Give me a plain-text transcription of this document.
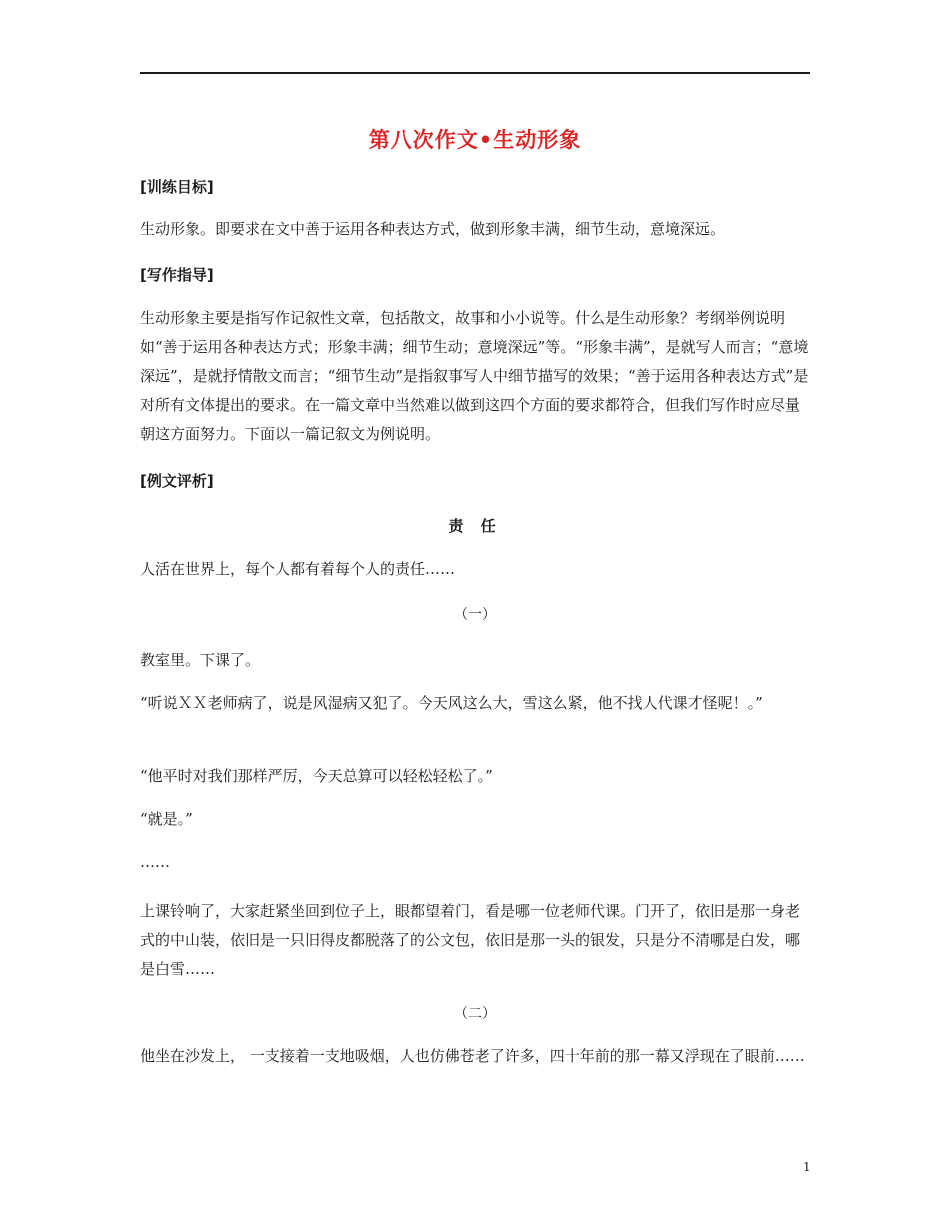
第八次作文•生动形象
[训练目标]

生动形象。即要求在文中善于运用各种表达方式，做到形象丰满，细节生动，意境深远。

[写作指导]

生动形象主要是指写作记叙性文章，包括散文，故事和小小说等。什么是生动形象？考纲举例说明如“善于运用各种表达方式；形象丰满；细节生动；意境深远”等。“形象丰满”，是就写人而言；“意境深远”，是就抒情散文而言；“细节生动”是指叙事写人中细节描写的效果；“善于运用各种表达方式”是对所有文体提出的要求。在一篇文章中当然难以做到这四个方面的要求都符合，但我们写作时应尽量朝这方面努力。下面以一篇记叙文为例说明。

[例文评析]
责 任

人活在世界上，每个人都有着每个人的责任……

（一）

教室里。下课了。

“听说ＸＸ老师病了，说是风湿病又犯了。今天风这么大，雪这么紧，他不找人代课才怪呢！。”

“他平时对我们那样严厉，今天总算可以轻松轻松了。”

“就是。”

……

上课铃响了，大家赶紧坐回到位子上，眼都望着门，看是哪一位老师代课。门开了，依旧是那一身老式的中山装，依旧是一只旧得皮都脱落了的公文包，依旧是那一头的银发，只是分不清哪是白发，哪是白雪……

（二）

他坐在沙发上， 一支接着一支地吸烟，人也仿佛苍老了许多，四十年前的那一幕又浮现在了眼前……

1
